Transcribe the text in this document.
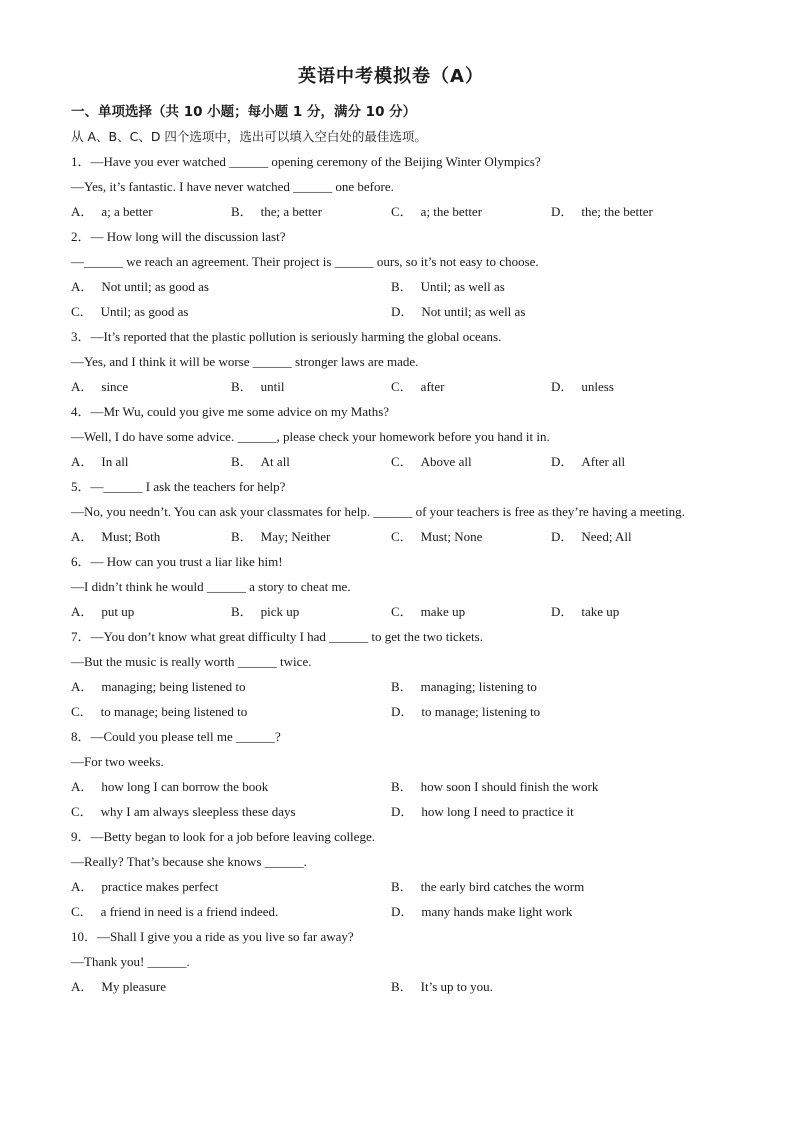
英语中考模拟卷（A）
一、单项选择（共 10 小题；每小题 1 分，满分 10 分）
从 A、B、C、D 四个选项中，选出可以填入空白处的最佳选项。
1．—Have you ever watched ______ opening ceremony of the Beijing Winter Olympics?
—Yes, it’s fantastic. I have never watched ______ one before.
A． a; a better	B． the; a better	C． a; the better	D． the; the better
2．— How long will the discussion last?
—______ we reach an agreement. Their project is ______ ours, so it’s not easy to choose.
A． Not until; as good as	B． Until; as well as
C． Until; as good as	D． Not until; as well as
3．—It’s reported that the plastic pollution is seriously harming the global oceans.
—Yes, and I think it will be worse ______ stronger laws are made.
A． since	B． until	C． after	D． unless
4．—Mr Wu, could you give me some advice on my Maths?
—Well, I do have some advice. ______, please check your homework before you hand it in.
A． In all	B． At all	C． Above all	D． After all
5．—______ I ask the teachers for help?
—No, you needn’t. You can ask your classmates for help. ______ of your teachers is free as they’re having a meeting.
A． Must; Both	B． May; Neither	C． Must; None	D． Need; All
6．— How can you trust a liar like him!
—I didn’t think he would ______ a story to cheat me.
A． put up	B． pick up	C． make up	D． take up
7．—You don’t know what great difficulty I had ______ to get the two tickets.
—But the music is really worth ______ twice.
A． managing; being listened to	B． managing; listening to
C． to manage; being listened to	D． to manage; listening to
8．—Could you please tell me ______?
—For two weeks.
A． how long I can borrow the book	B． how soon I should finish the work
C． why I am always sleepless these days	D． how long I need to practice it
9．—Betty began to look for a job before leaving college.
—Really? That’s because she knows ______.
A． practice makes perfect	B． the early bird catches the worm
C． a friend in need is a friend indeed.	D． many hands make light work
10．—Shall I give you a ride as you live so far away?
—Thank you! ______.
A． My pleasure	B． It’s up to you.
